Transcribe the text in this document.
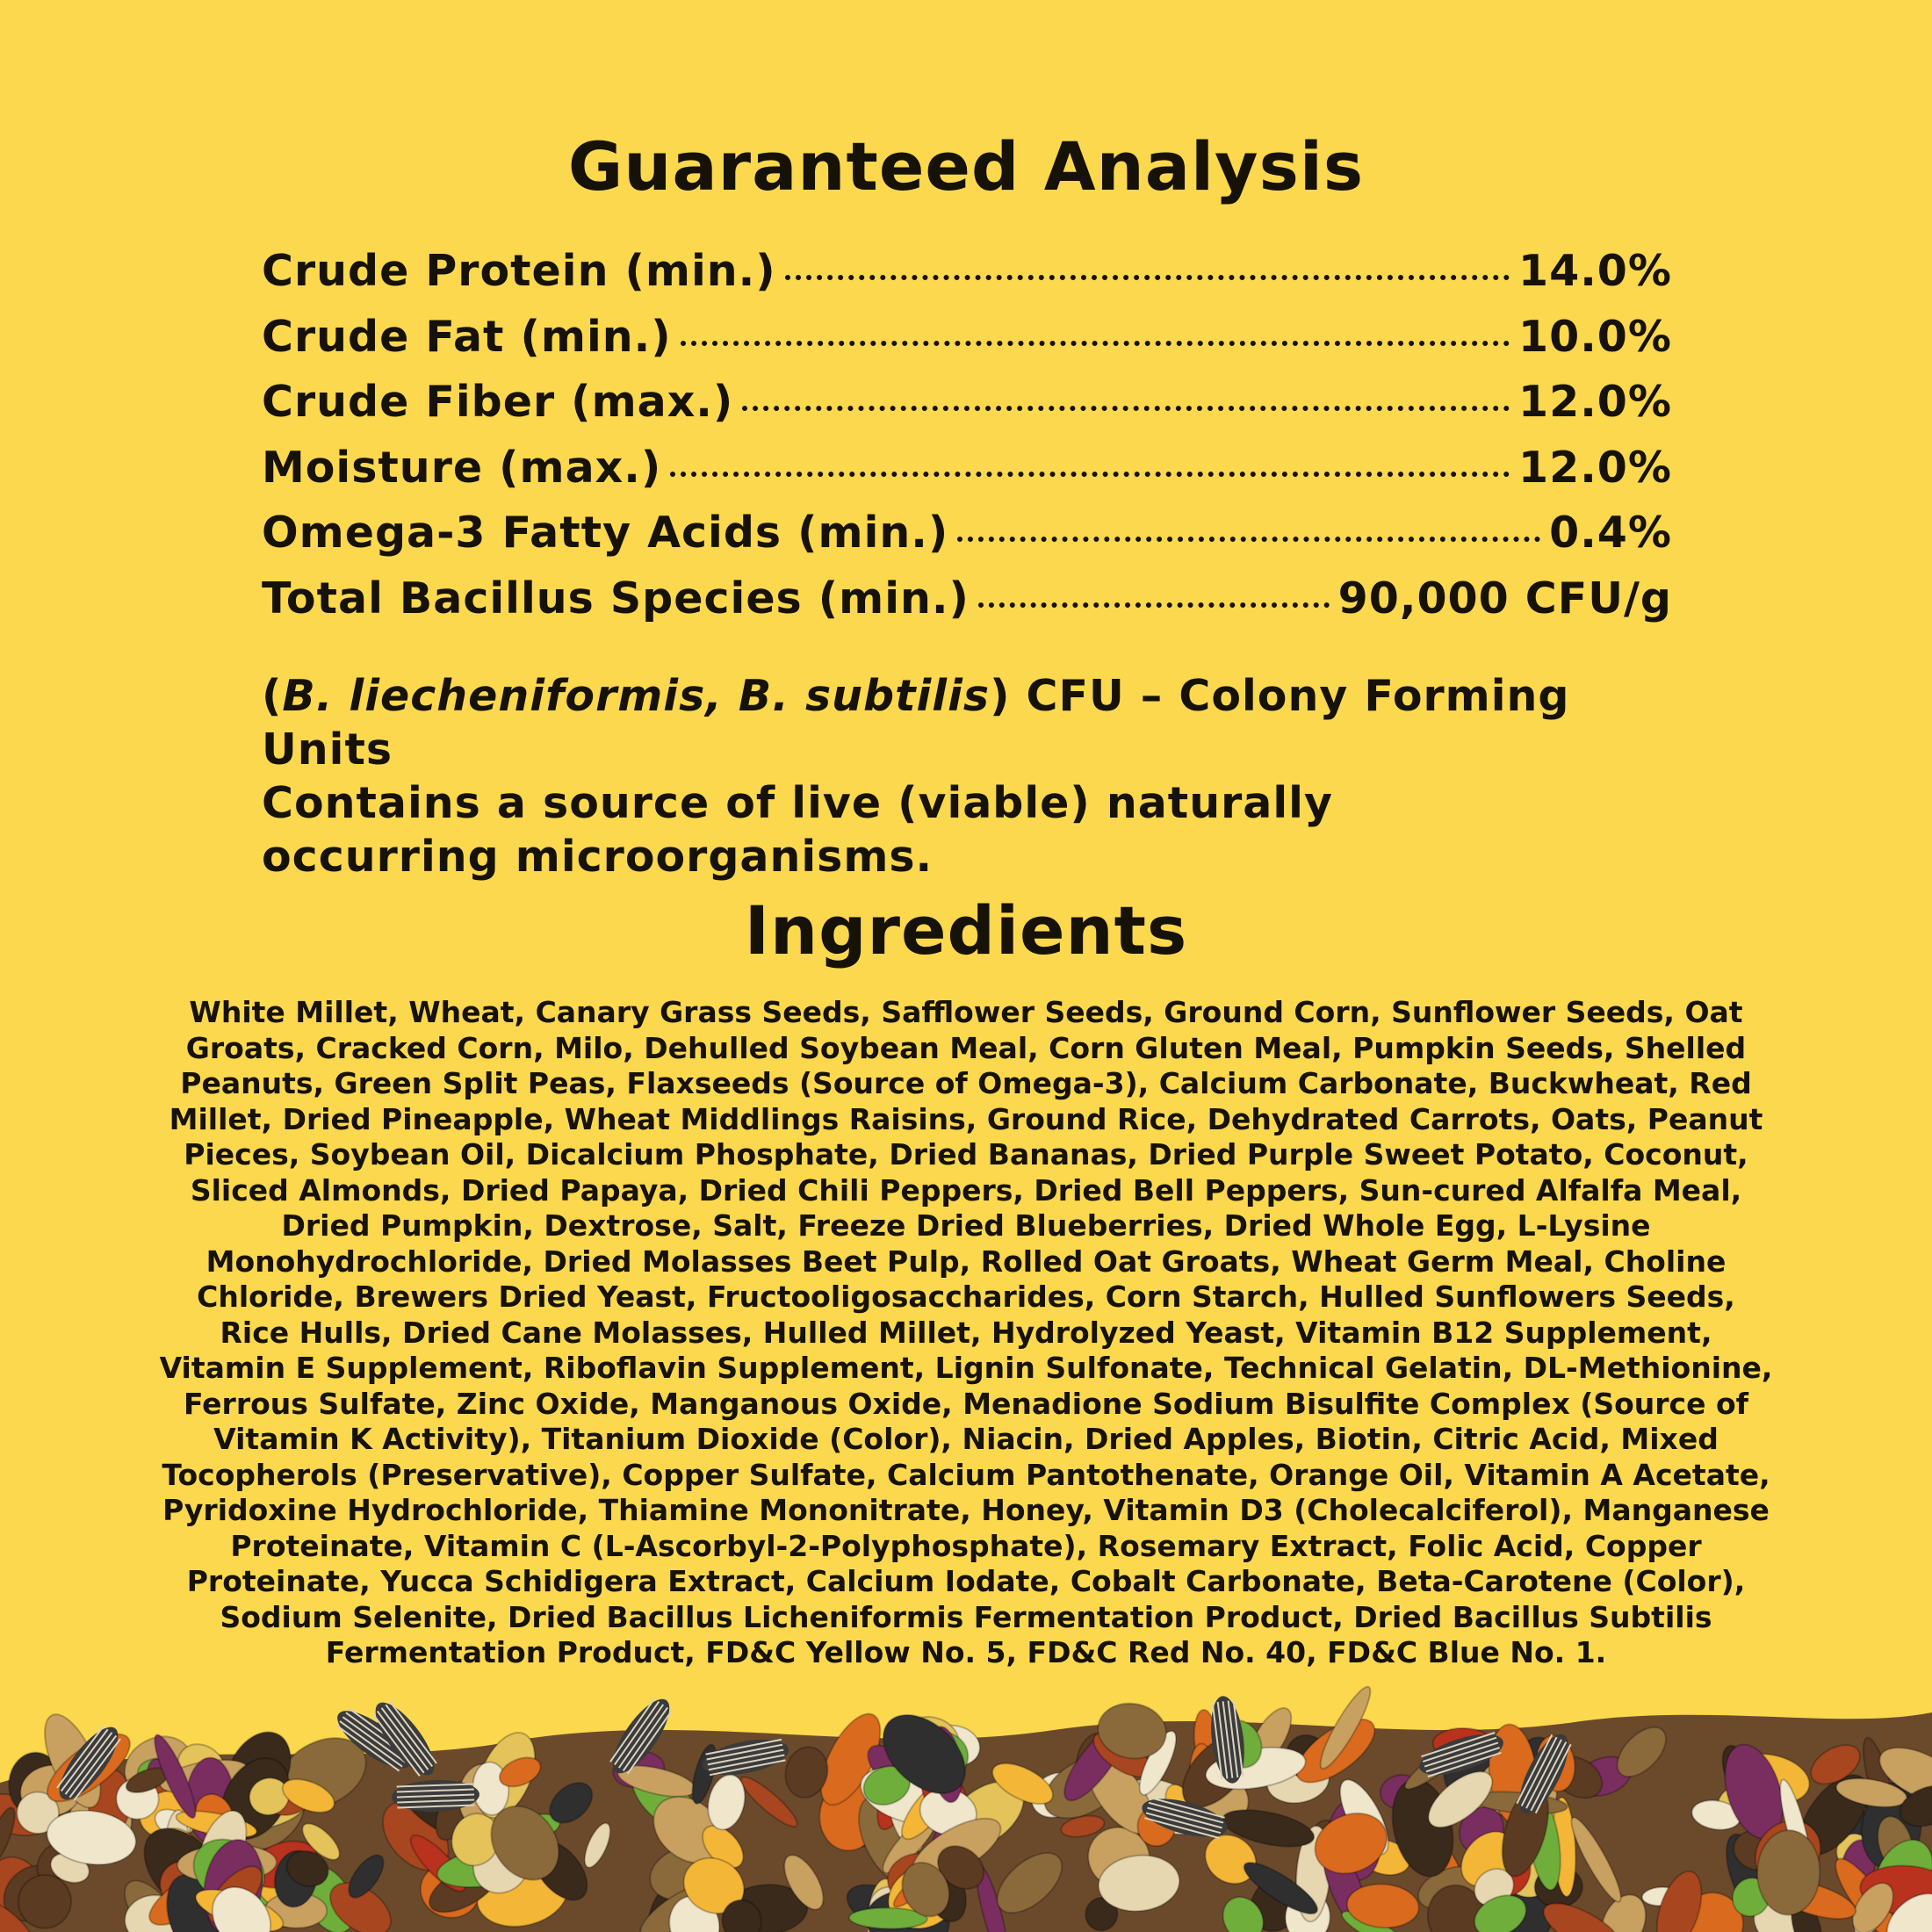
Guaranteed Analysis
Crude Protein (min.)	14.0%
Crude Fat (min.)	10.0%
Crude Fiber (max.)	12.0%
Moisture (max.)	12.0%
Omega-3 Fatty Acids (min.)	0.4%
Total Bacillus Species (min.)	90,000 CFU/g

(B. liecheniformis, B. subtilis) CFU – Colony Forming Units

Contains a source of live (viable) naturally

occurring microorganisms.

Ingredients

White Millet, Wheat, Canary Grass Seeds, Safflower Seeds, Ground Corn, Sunflower Seeds, Oat Groats, Cracked Corn, Milo, Dehulled Soybean Meal, Corn Gluten Meal, Pumpkin Seeds, Shelled Peanuts, Green Split Peas, Flaxseeds (Source of Omega-3), Calcium Carbonate, Buckwheat, Red Millet, Dried Pineapple, Wheat Middlings Raisins, Ground Rice, Dehydrated Carrots, Oats, Peanut Pieces, Soybean Oil, Dicalcium Phosphate, Dried Bananas, Dried Purple Sweet Potato, Coconut, Sliced Almonds, Dried Papaya, Dried Chili Peppers, Dried Bell Peppers, Sun-cured Alfalfa Meal, Dried Pumpkin, Dextrose, Salt, Freeze Dried Blueberries, Dried Whole Egg, L-Lysine Monohydrochloride, Dried Molasses Beet Pulp, Rolled Oat Groats, Wheat Germ Meal, Choline Chloride, Brewers Dried Yeast, Fructooligosaccharides, Corn Starch, Hulled Sunflowers Seeds, Rice Hulls, Dried Cane Molasses, Hulled Millet, Hydrolyzed Yeast, Vitamin B12 Supplement, Vitamin E Supplement, Riboflavin Supplement, Lignin Sulfonate, Technical Gelatin, DL-Methionine, Ferrous Sulfate, Zinc Oxide, Manganous Oxide, Menadione Sodium Bisulfite Complex (Source of Vitamin K Activity), Titanium Dioxide (Color), Niacin, Dried Apples, Biotin, Citric Acid, Mixed Tocopherols (Preservative), Copper Sulfate, Calcium Pantothenate, Orange Oil, Vitamin A Acetate, Pyridoxine Hydrochloride, Thiamine Mononitrate, Honey, Vitamin D3 (Cholecalciferol), Manganese Proteinate, Vitamin C (L-Ascorbyl-2-Polyphosphate), Rosemary Extract, Folic Acid, Copper Proteinate, Yucca Schidigera Extract, Calcium Iodate, Cobalt Carbonate, Beta-Carotene (Color), Sodium Selenite, Dried Bacillus Licheniformis Fermentation Product, Dried Bacillus Subtilis Fermentation Product, FD&C Yellow No. 5, FD&C Red No. 40, FD&C Blue No. 1.
